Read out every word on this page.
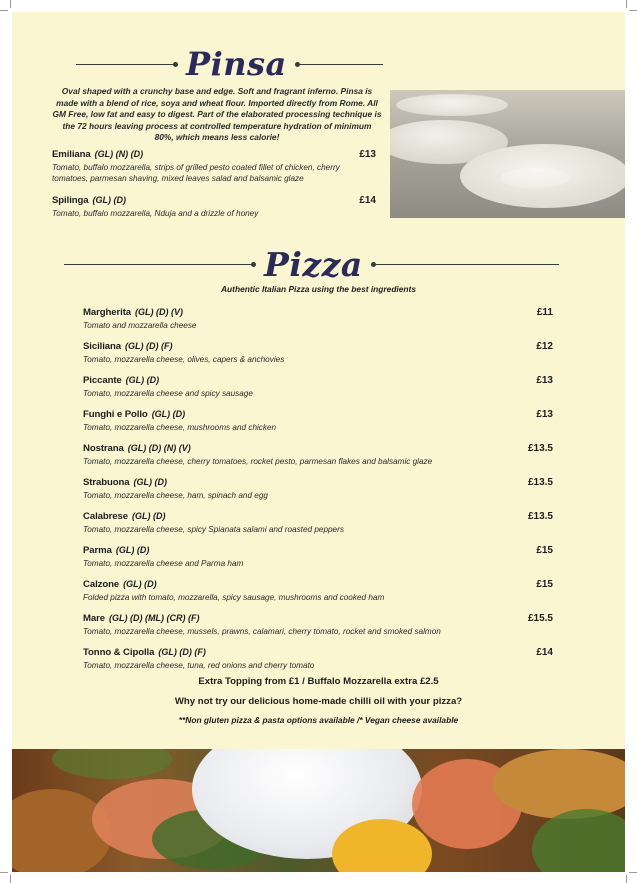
Pinsa
Oval shaped with a crunchy base and edge. Soft and fragrant inferno. Pinsa is made with a blend of rice, soya and wheat flour. Imported directly from Rome. All GM Free, low fat and easy to digest. Part of the elaborated processing technique is the 72 hours leaving process at controlled temperature hydration of minimum 80%, which means less calorie!
Emiliana (GL) (N) (D)	£13
Tomato, buffalo mozzarella, strips of grilled pesto coated fillet of chicken, cherry tomatoes, parmesan shaving, mixed leaves salad and balsamic glaze
Spilinga (GL) (D)	£14
Tomato, buffalo mozzarella, Nduja and a drizzle of honey
Pizza
Authentic Italian Pizza using the best ingredients
Margherita (GL) (D) (V)	£11
Tomato and mozzarella cheese
Siciliana (GL) (D) (F)	£12
Tomato, mozzarella cheese, olives, capers & anchovies
Piccante (GL) (D)	£13
Tomato, mozzarella cheese and spicy sausage
Funghi e Pollo (GL) (D)	£13
Tomato, mozzarella cheese, mushrooms and chicken
Nostrana (GL) (D) (N) (V)	£13.5
Tomato, mozzarella cheese, cherry tomatoes, rocket pesto, parmesan flakes and balsamic glaze
Strabuona (GL) (D)	£13.5
Tomato, mozzarella cheese, ham, spinach and egg
Calabrese (GL) (D)	£13.5
Tomato, mozzarella cheese, spicy Spianata salami and roasted peppers
Parma (GL) (D)	£15
Tomato, mozzarella cheese and Parma ham
Calzone (GL) (D)	£15
Folded pizza with tomato, mozzarella, spicy sausage, mushrooms and cooked ham
Mare (GL) (D) (ML) (CR) (F)	£15.5
Tomato, mozzarella cheese, mussels, prawns, calamari, cherry tomato, rocket and smoked salmon
Tonno & Cipolla (GL) (D) (F)	£14
Tomato, mozzarella cheese, tuna, red onions and cherry tomato
Extra Topping from £1 / Buffalo Mozzarella extra £2.5
Why not try our delicious home-made chilli oil with your pizza?
**Non gluten pizza & pasta options available /* Vegan cheese available
